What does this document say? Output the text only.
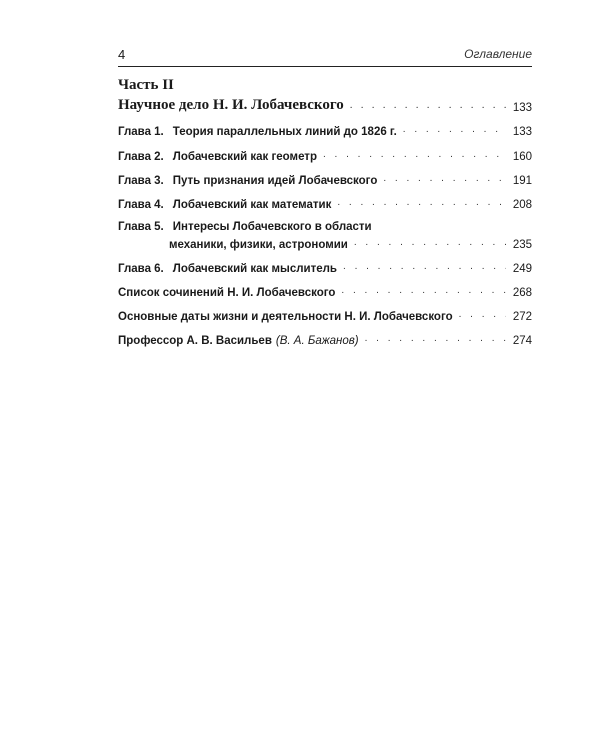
4	Оглавление
Часть II
Научное дело Н. И. Лобачевского . . .	133
Глава 1. Теория параллельных линий до 1826 г. . . .	133
Глава 2. Лобачевский как геометр . . .	160
Глава 3. Путь признания идей Лобачевского . . .	191
Глава 4. Лобачевский как математик . . .	208
Глава 5. Интересы Лобачевского в области
механики, физики, астрономии . . .	235
Глава 6. Лобачевский как мыслитель . . .	249
Список сочинений Н. И. Лобачевского . . .	268
Основные даты жизни и деятельности Н. И. Лобачевского . . .	272
Профессор А. В. Васильев (В. А. Бажанов) . . .	274
